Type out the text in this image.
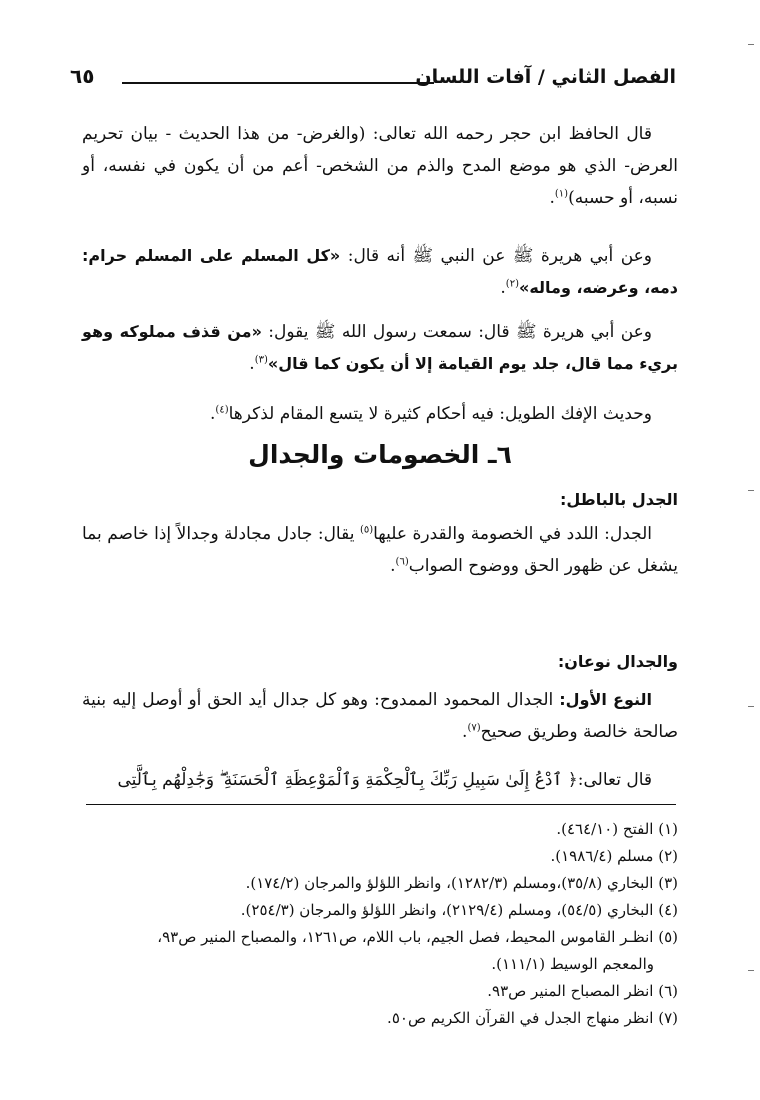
الفصل الثاني / آفات اللسان
٦٥

قال الحافظ ابن حجر رحمه الله تعالى: (والغرض- من هذا الحديث - بيان تحريم العرض- الذي هو موضع المدح والذم من الشخص- أعم من أن يكون في نفسه، أو نسبه، أو حسبه)$^{(١)}$.

وعن أبي هريرة ﷺ عن النبي ﷺ أنه قال: «كل المسلم على المسلم حرام: دمه، وعرضه، وماله»$^{(٢)}$.

وعن أبي هريرة ﷺ قال: سمعت رسول الله ﷺ يقول: «من قذف مملوكه وهو بريء مما قال، جلد يوم القيامة إلا أن يكون كما قال»$^{(٣)}$.

وحديث الإفك الطويل: فيه أحكام كثيرة لا يتسع المقام لذكرها$^{(٤)}$.

٦ـ الخصومات والجدال
الجدل بالباطل:

الجدل: اللدد في الخصومة والقدرة عليها$^{(٥)}$ يقال: جادل مجادلة وجدالاً إذا خاصم بما يشغل عن ظهور الحق ووضوح الصواب$^{(٦)}$.

والجدال نوعان:

النوع الأول: الجدال المحمود الممدوح: وهو كل جدال أيد الحق أو أوصل إليه بنية صالحة خالصة وطريق صحيح$^{(٧)}$.

قال تعالى:﴿ ٱدْعُ إِلَىٰ سَبِيلِ رَبِّكَ بِٱلْحِكْمَةِ وَٱلْمَوْعِظَةِ ٱلْحَسَنَةِ ۖ وَجَٰدِلْهُم بِٱلَّتِى

(١) الفتح (٤٦٤/١٠).

(٢) مسلم (١٩٨٦/٤).

(٣) البخاري (٣٥/٨)،ومسلم (١٢٨٢/٣)، وانظر اللؤلؤ والمرجان (١٧٤/٢).

(٤) البخاري (٥٤/٥)، ومسلم (٢١٢٩/٤)، وانظر اللؤلؤ والمرجان (٢٥٤/٣).

(٥) انظـر القاموس المحيط، فصل الجيم، باب اللام، ص١٢٦١، والمصباح المنير ص٩٣،

والمعجم الوسيط (١١١/١).

(٦) انظر المصباح المنير ص٩٣.

(٧) انظر منهاج الجدل في القرآن الكريم ص٥٠.
